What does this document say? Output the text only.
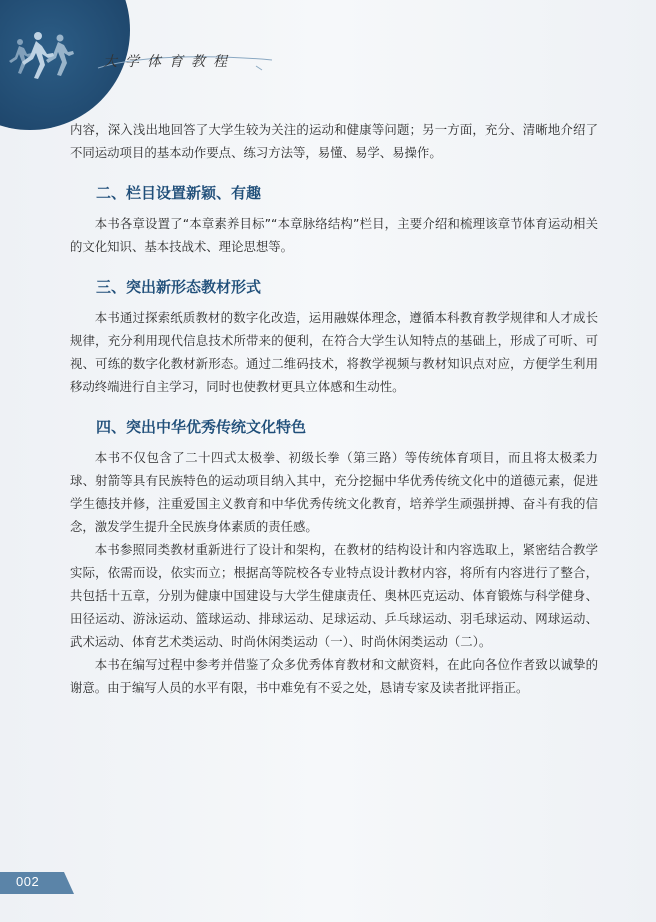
大学体育教程

内容，深入浅出地回答了大学生较为关注的运动和健康等问题；另一方面，充分、清晰地介绍了不同运动项目的基本动作要点、练习方法等，易懂、易学、易操作。

二、栏目设置新颖、有趣

本书各章设置了“本章素养目标”“本章脉络结构”栏目，主要介绍和梳理该章节体育运动相关的文化知识、基本技战术、理论思想等。

三、突出新形态教材形式

本书通过探索纸质教材的数字化改造，运用融媒体理念，遵循本科教育教学规律和人才成长规律，充分利用现代信息技术所带来的便利，在符合大学生认知特点的基础上，形成了可听、可视、可练的数字化教材新形态。通过二维码技术，将教学视频与教材知识点对应，方便学生利用移动终端进行自主学习，同时也使教材更具立体感和生动性。

四、突出中华优秀传统文化特色

本书不仅包含了二十四式太极拳、初级长拳（第三路）等传统体育项目，而且将太极柔力球、射箭等具有民族特色的运动项目纳入其中，充分挖掘中华优秀传统文化中的道德元素，促进学生德技并修，注重爱国主义教育和中华优秀传统文化教育，培养学生顽强拼搏、奋斗有我的信念，激发学生提升全民族身体素质的责任感。

本书参照同类教材重新进行了设计和架构，在教材的结构设计和内容选取上，紧密结合教学实际，依需而设，依实而立；根据高等院校各专业特点设计教材内容，将所有内容进行了整合，共包括十五章，分别为健康中国建设与大学生健康责任、奥林匹克运动、体育锻炼与科学健身、田径运动、游泳运动、篮球运动、排球运动、足球运动、乒乓球运动、羽毛球运动、网球运动、武术运动、体育艺术类运动、时尚休闲类运动（一）、时尚休闲类运动（二）。

本书在编写过程中参考并借鉴了众多优秀体育教材和文献资料，在此向各位作者致以诚挚的谢意。由于编写人员的水平有限，书中难免有不妥之处，恳请专家及读者批评指正。

002
